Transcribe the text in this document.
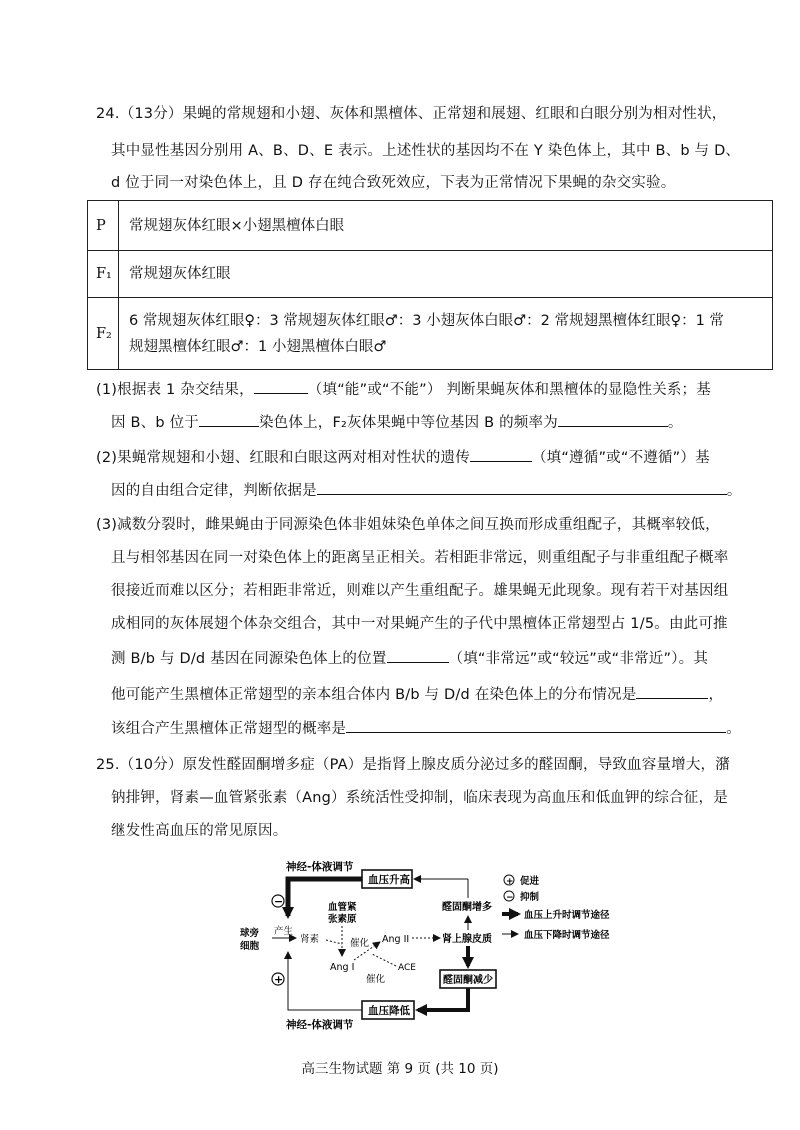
24.（13分）果蝇的常规翅和小翅、灰体和黑檀体、正常翅和展翅、红眼和白眼分别为相对性状，
其中显性基因分别用 A、B、D、E 表示。上述性状的基因均不在 Y 染色体上，其中 B、b 与 D、
d 位于同一对染色体上，且 D 存在纯合致死效应，下表为正常情况下果蝇的杂交实验。
P	常规翅灰体红眼×小翅黑檀体白眼
F₁	常规翅灰体红眼
F₂	6 常规翅灰体红眼♀：3 常规翅灰体红眼♂：3 小翅灰体白眼♂：2 常规翅黑檀体红眼♀：1 常
规翅黑檀体红眼♂：1 小翅黑檀体白眼♂
(1)根据表 1 杂交结果，	（填“能”或“不能”） 判断果蝇灰体和黑檀体的显隐性关系；基
因 B、b 位于	染色体上，F₂灰体果蝇中等位基因 B 的频率为	。
(2)果蝇常规翅和小翅、红眼和白眼这两对相对性状的遗传	（填“遵循”或“不遵循”）基
因的自由组合定律，判断依据是	。
(3)减数分裂时，雌果蝇由于同源染色体非姐妹染色单体之间互换而形成重组配子，其概率较低，
且与相邻基因在同一对染色体上的距离呈正相关。若相距非常远，则重组配子与非重组配子概率
很接近而难以区分；若相距非常近，则难以产生重组配子。雄果蝇无此现象。现有若干对基因组
成相同的灰体展翅个体杂交组合，其中一对果蝇产生的子代中黑檀体正常翅型占 1/5。由此可推
测 B/b 与 D/d 基因在同源染色体上的位置	（填“非常远”或“较远”或“非常近”）。其
他可能产生黑檀体正常翅型的亲本组合体内 B/b 与 D/d 在染色体上的分布情况是	，
该组合产生黑檀体正常翅型的概率是	。
25.（10分）原发性醛固酮增多症（PA）是指肾上腺皮质分泌过多的醛固酮，导致血容量增大，潴
钠排钾，肾素—血管紧张素（Ang）系统活性受抑制，临床表现为高血压和低血钾的综合征，是
继发性高血压的常见原因。
神经-体液调节
血压升高
−
球旁
细胞
产生
肾素
血管紧
张素原
催化
Ang I
Ang II
ACE
催化
肾上腺皮质
醛固酮增多
醛固酮减少
血压降低
神经-体液调节
+
+ 促进
− 抑制
血压上升时调节途径
血压下降时调节途径
高三生物试题 第 9 页 (共 10 页)
